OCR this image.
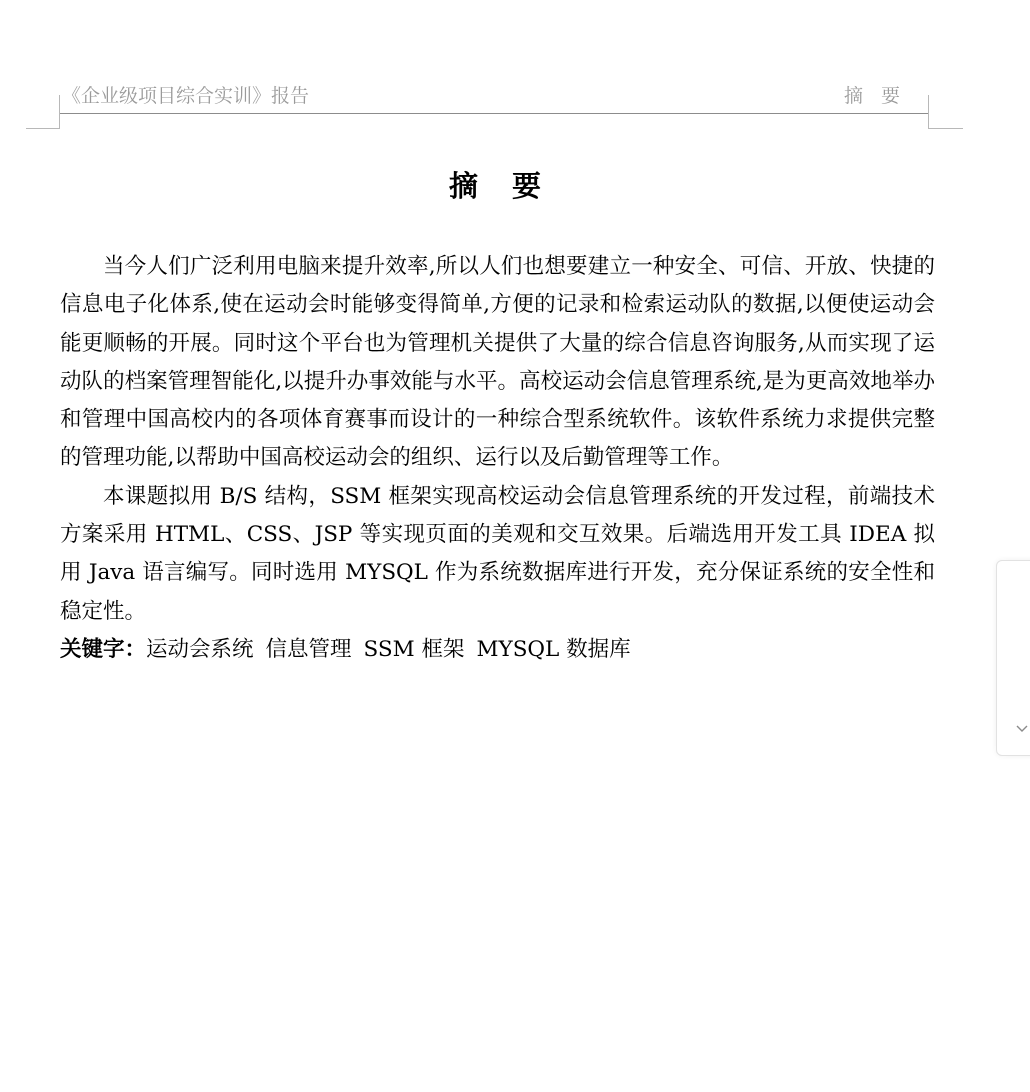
《企业级项目综合实训》报告	摘 要
摘 要

当今人们广泛利用电脑来提升效率,所以人们也想要建立一种安全、可信、开放、快捷的信息电子化体系,使在运动会时能够变得简单,方便的记录和检索运动队的数据,以便使运动会能更顺畅的开展。同时这个平台也为管理机关提供了大量的综合信息咨询服务,从而实现了运动队的档案管理智能化,以提升办事效能与水平。高校运动会信息管理系统,是为更高效地举办和管理中国高校内的各项体育赛事而设计的一种综合型系统软件。该软件系统力求提供完整的管理功能,以帮助中国高校运动会的组织、运行以及后勤管理等工作。

本课题拟用 B/S 结构，SSM 框架实现高校运动会信息管理系统的开发过程，前端技术方案采用 HTML、CSS、JSP 等实现页面的美观和交互效果。后端选用开发工具 IDEA 拟用 Java 语言编写。同时选用 MYSQL 作为系统数据库进行开发，充分保证系统的安全性和稳定性。

关键字：运动会系统 信息管理 SSM 框架 MYSQL 数据库
